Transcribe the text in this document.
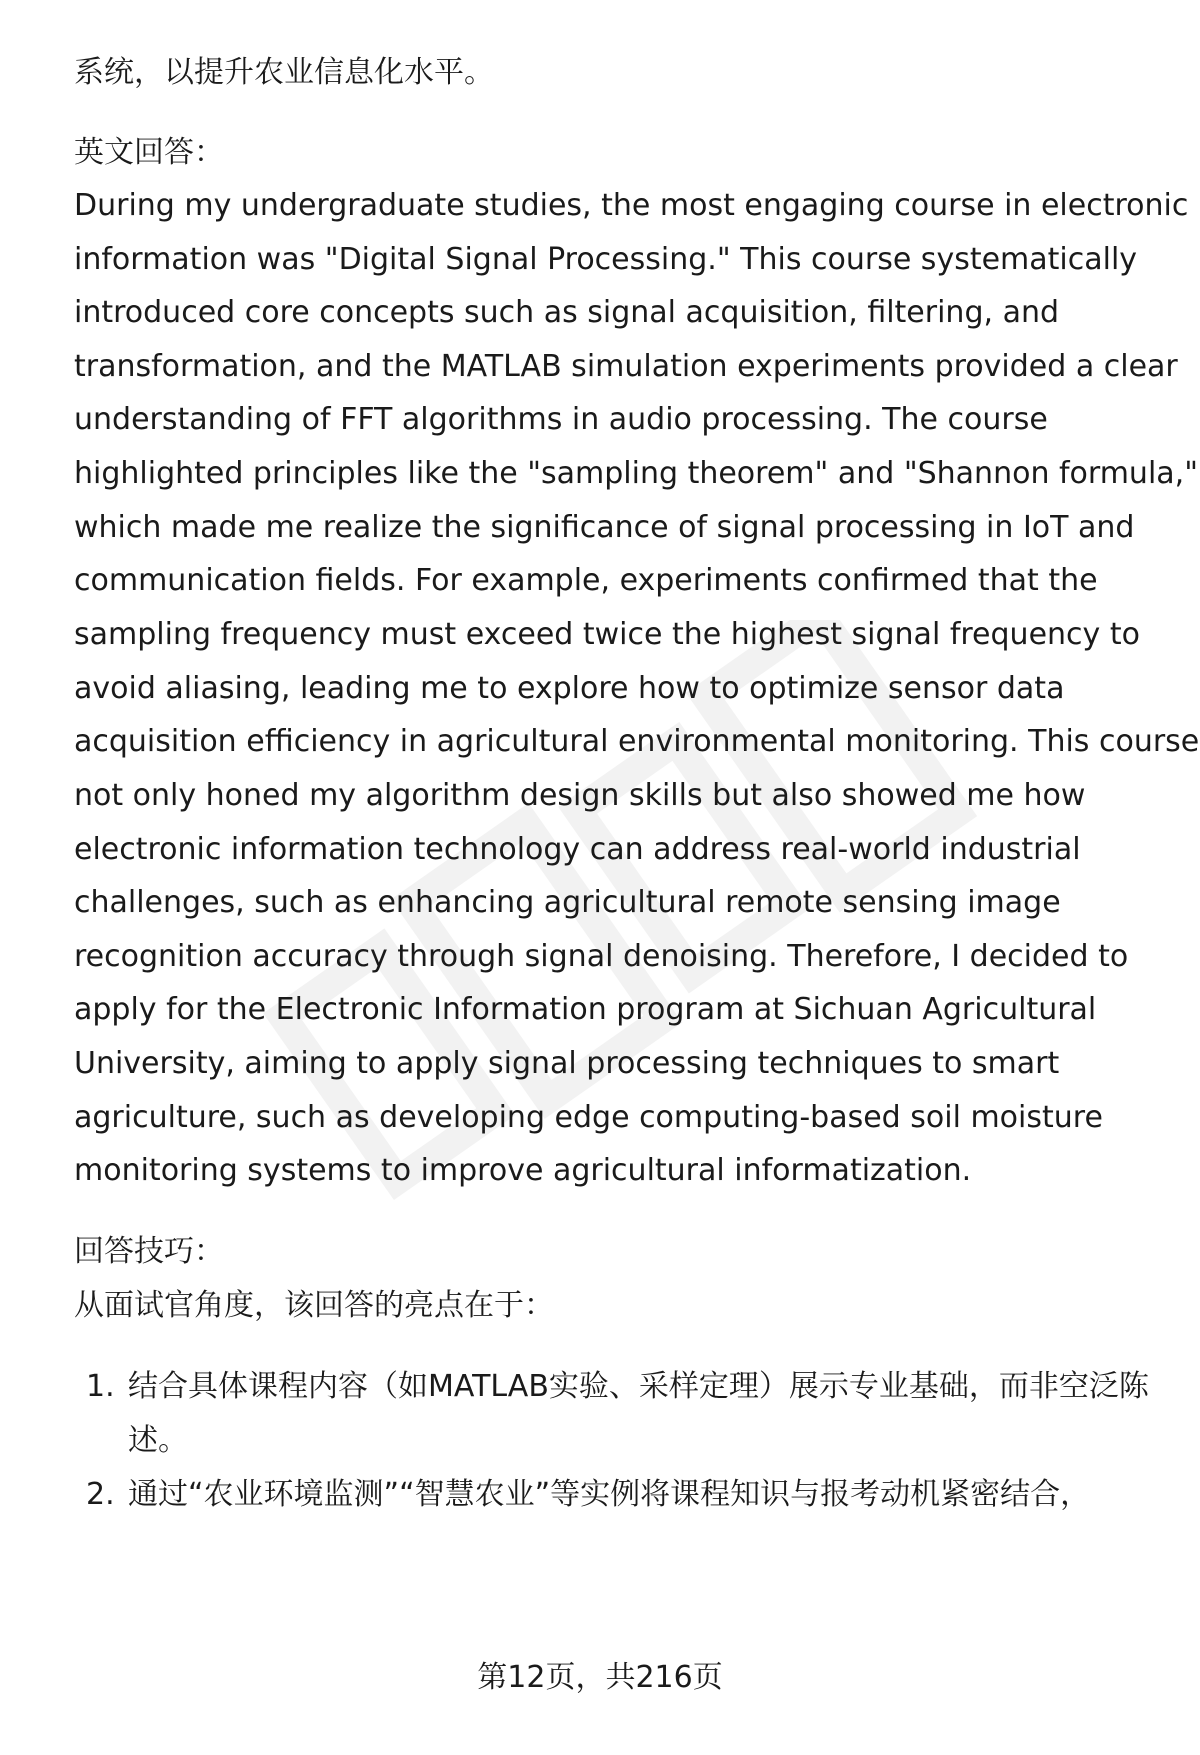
系统，以提升农业信息化水平。
英文回答：
During my undergraduate studies, the most engaging course in electronic
information was "Digital Signal Processing." This course systematically
introduced core concepts such as signal acquisition, filtering, and
transformation, and the MATLAB simulation experiments provided a clear
understanding of FFT algorithms in audio processing. The course
highlighted principles like the "sampling theorem" and "Shannon formula,"
which made me realize the significance of signal processing in IoT and
communication fields. For example, experiments confirmed that the
sampling frequency must exceed twice the highest signal frequency to
avoid aliasing, leading me to explore how to optimize sensor data
acquisition efficiency in agricultural environmental monitoring. This course
not only honed my algorithm design skills but also showed me how
electronic information technology can address real-world industrial
challenges, such as enhancing agricultural remote sensing image
recognition accuracy through signal denoising. Therefore, I decided to
apply for the Electronic Information program at Sichuan Agricultural
University, aiming to apply signal processing techniques to smart
agriculture, such as developing edge computing-based soil moisture
monitoring systems to improve agricultural informatization.
回答技巧：
从面试官角度，该回答的亮点在于：
1. 结合具体课程内容（如MATLAB实验、采样定理）展示专业基础，而非空泛陈
述。
2. 通过“农业环境监测”“智慧农业”等实例将课程知识与报考动机紧密结合，
第12页，共216页
